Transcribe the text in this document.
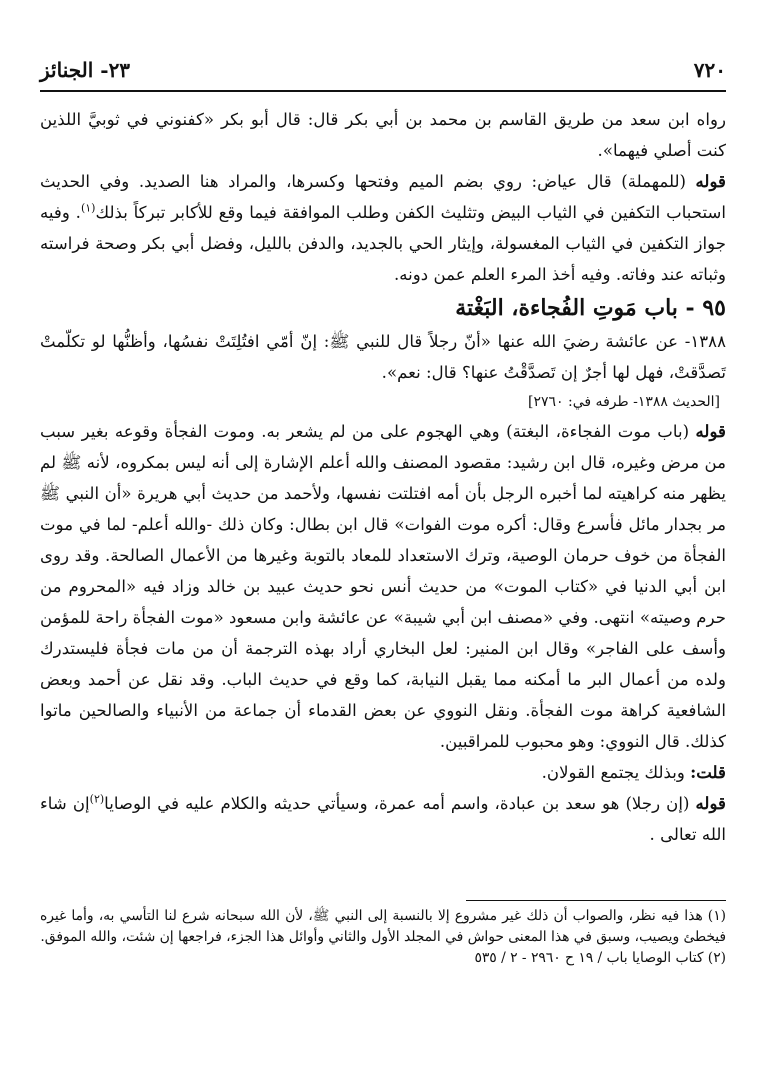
٧٢٠
٢٣- الجنائز

رواه ابن سعد من طريق القاسم بن محمد بن أبي بكر قال: قال أبو بكر «كفنوني في ثوبيَّ اللذين كنت أصلي فيهما».

قوله (للمهملة) قال عياض: روي بضم الميم وفتحها وكسرها، والمراد هنا الصديد. وفي الحديث استحباب التكفين في الثياب البيض وتثليث الكفن وطلب الموافقة فيما وقع للأكابر تبركاً بذلك$^{(١)}$. وفيه جواز التكفين في الثياب المغسولة، وإيثار الحي بالجديد، والدفن بالليل، وفضل أبي بكر وصحة فراسته وثباته عند وفاته. وفيه أخذ المرء العلم عمن دونه.

٩٥ - باب مَوتِ الفُجاءة، البَغْتة

١٣٨٨- عن عائشة رضيَ الله عنها «أنّ رجلاً قال للنبي ﷺ: إنّ أمّي افتُلِتَتْ نفسُها، وأظنُّها لو تكلّمتْ تَصدَّقتْ، فهل لها أجرٌ إن تَصدَّقْتُ عنها؟ قال: نعم».

[الحديث ١٣٨٨- طرفه في: ٢٧٦٠]

قوله (باب موت الفجاءة، البغتة) وهي الهجوم على من لم يشعر به. وموت الفجأة وقوعه بغير سبب من مرض وغيره، قال ابن رشيد: مقصود المصنف والله أعلم الإشارة إلى أنه ليس بمكروه، لأنه ﷺ لم يظهر منه كراهيته لما أخبره الرجل بأن أمه افتلتت نفسها، ولأحمد من حديث أبي هريرة «أن النبي ﷺ مر بجدار مائل فأسرع وقال: أكره موت الفوات» قال ابن بطال: وكان ذلك -والله أعلم- لما في موت الفجأة من خوف حرمان الوصية، وترك الاستعداد للمعاد بالتوبة وغيرها من الأعمال الصالحة. وقد روى ابن أبي الدنيا في «كتاب الموت» من حديث أنس نحو حديث عبيد بن خالد وزاد فيه «المحروم من حرم وصيته» انتهى. وفي «مصنف ابن أبي شيبة» عن عائشة وابن مسعود «موت الفجأة راحة للمؤمن وأسف على الفاجر» وقال ابن المنير: لعل البخاري أراد بهذه الترجمة أن من مات فجأة فليستدرك ولده من أعمال البر ما أمكنه مما يقبل النيابة، كما وقع في حديث الباب. وقد نقل عن أحمد وبعض الشافعية كراهة موت الفجأة. ونقل النووي عن بعض القدماء أن جماعة من الأنبياء والصالحين ماتوا كذلك. قال النووي: وهو محبوب للمراقبين.

قلت: وبذلك يجتمع القولان.

قوله (إن رجلا) هو سعد بن عبادة، واسم أمه عمرة، وسيأتي حديثه والكلام عليه في الوصايا$^{(٢)}$إن شاء الله تعالى .

(١) هذا فيه نظر، والصواب أن ذلك غير مشروع إلا بالنسبة إلى النبي ﷺ، لأن الله سبحانه شرع لنا التأسي به، وأما غيره فيخطئ ويصيب، وسبق في هذا المعنى حواش في المجلد الأول والثاني وأوائل هذا الجزء، فراجعها إن شئت، والله الموفق.

(٢) كتاب الوصايا باب / ١٩ ح ٢٩٦٠ - ٢ / ٥٣٥
